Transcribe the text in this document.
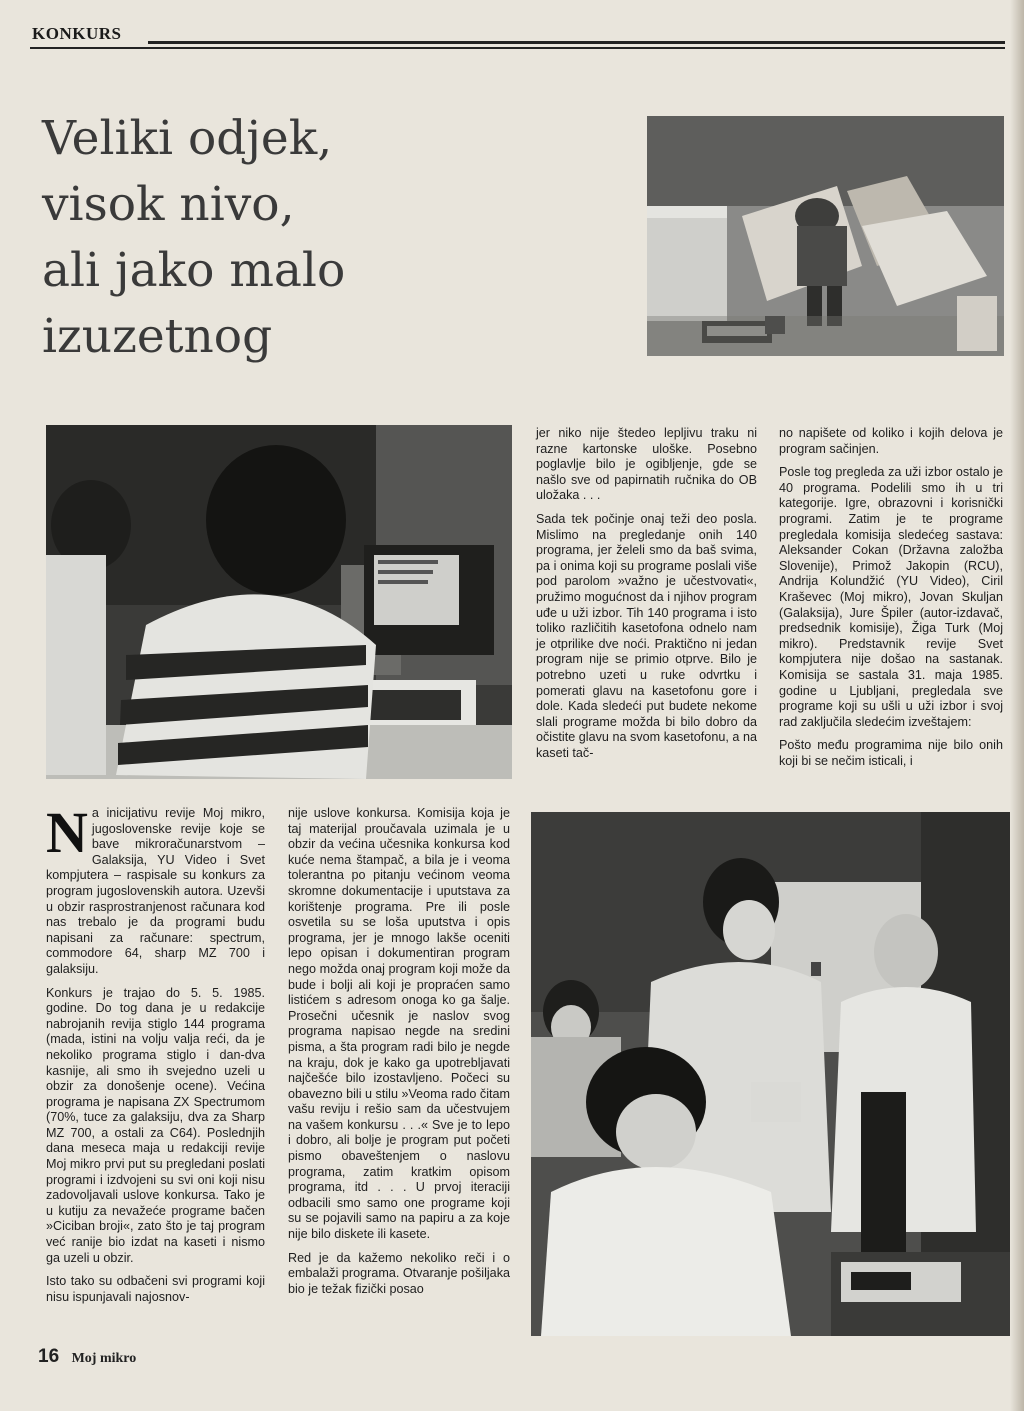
KONKURS
Veliki odjek,
visok nivo,
ali jako malo
izuzetnog

jer niko nije štedeo lepljivu traku ni razne kartonske uloške. Posebno poglavlje bilo je ogibljenje, gde se našlo sve od papirnatih ručnika do OB uložaka . . .

Sada tek počinje onaj teži deo posla. Mislimo na pregledanje onih 140 programa, jer želeli smo da baš svima, pa i onima koji su programe poslali više pod parolom »važno je učestvovati«, pružimo mogućnost da i njihov program uđe u uži izbor. Tih 140 programa i isto toliko različitih kasetofona odnelo nam je otprilike dve noći. Praktično ni jedan program nije se primio otprve. Bilo je potrebno uzeti u ruke odvrtku i pomerati glavu na kasetofonu gore i dole. Kada sledeći put budete nekome slali programe možda bi bilo dobro da očistite glavu na svom kasetofonu, a na kaseti tač-

no napišete od koliko i kojih delova je program sačinjen.

Posle tog pregleda za uži izbor ostalo je 40 programa. Podelili smo ih u tri kategorije. Igre, obrazovni i korisnički programi. Zatim je te programe pregledala komisija sledećeg sastava: Aleksander Cokan (Državna založba Slovenije), Primož Jakopin (RCU), Andrija Kolundžić (YU Video), Ciril Kraševec (Moj mikro), Jovan Skuljan (Galaksija), Jure Špiler (autor-izdavač, predsednik komisije), Žiga Turk (Moj mikro). Predstavnik revije Svet kompjutera nije došao na sastanak. Komisija se sastala 31. maja 1985. godine u Ljubljani, pregledala sve programe koji su ušli u uži izbor i svoj rad zaključila sledećim izveštajem:

Pošto među programima nije bilo onih koji bi se nečim isticali, i

Na inicijativu revije Moj mikro, jugoslovenske revije koje se bave mikroračunarstvom – Galaksija, YU Video i Svet kompjutera – raspisale su konkurs za program jugoslovenskih autora. Uzevši u obzir rasprostranjenost računara kod nas trebalo je da programi budu napisani za računare: spectrum, commodore 64, sharp MZ 700 i galaksiju.

Konkurs je trajao do 5. 5. 1985. godine. Do tog dana je u redakcije nabrojanih revija stiglo 144 programa (mada, istini na volju valja reći, da je nekoliko programa stiglo i dan-dva kasnije, ali smo ih svejedno uzeli u obzir za donošenje ocene). Većina programa je napisana ZX Spectrumom (70%, tuce za galaksiju, dva za Sharp MZ 700, a ostali za C64). Poslednjih dana meseca maja u redakciji revije Moj mikro prvi put su pregledani poslati programi i izdvojeni su svi oni koji nisu zadovoljavali uslove konkursa. Tako je u kutiju za nevažeće programe bačen »Ciciban broji«, zato što je taj program već ranije bio izdat na kaseti i nismo ga uzeli u obzir.

Isto tako su odbačeni svi programi koji nisu ispunjavali najosnov-

nije uslove konkursa. Komisija koja je taj materijal proučavala uzimala je u obzir da većina učesnika konkursa kod kuće nema štampač, a bila je i veoma tolerantna po pitanju većinom veoma skromne dokumentacije i uputstava za korištenje programa. Pre ili posle osvetila su se loša uputstva i opis programa, jer je mnogo lakše oceniti lepo opisan i dokumentiran program nego možda onaj program koji može da bude i bolji ali koji je propraćen samo listićem s adresom onoga ko ga šalje. Prosečni učesnik je naslov svog programa napisao negde na sredini pisma, a šta program radi bilo je negde na kraju, dok je kako ga upotrebljavati najčešće bilo izostavljeno. Počeci su obavezno bili u stilu »Veoma rado čitam vašu reviju i rešio sam da učestvujem na vašem konkursu . . .« Sve je to lepo i dobro, ali bolje je program put početi pismo obaveštenjem o naslovu programa, zatim kratkim opisom programa, itd . . . U prvoj iteraciji odbacili smo samo one programe koji su se pojavili samo na papiru a za koje nije bilo diskete ili kasete.

Red je da kažemo nekoliko reči i o embalaži programa. Otvaranje pošiljaka bio je težak fizički posao

16 Moj mikro
